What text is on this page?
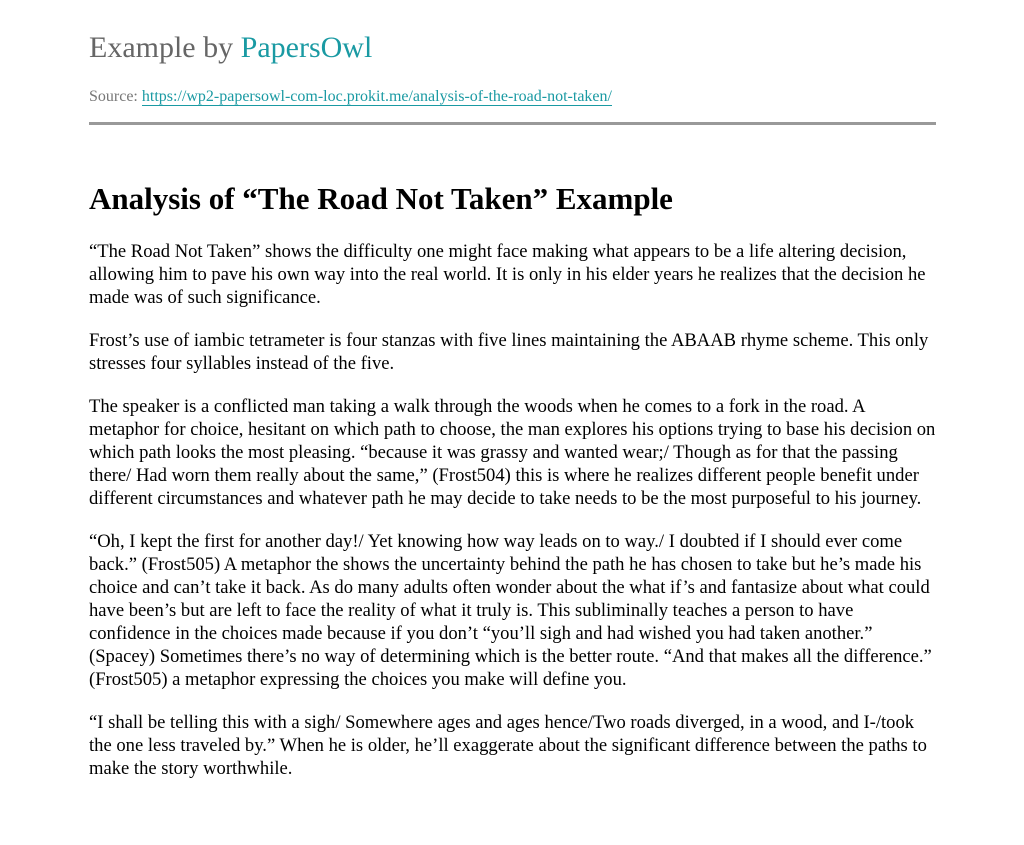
Example by PapersOwl
Source: https://wp2-papersowl-com-loc.prokit.me/analysis-of-the-road-not-taken/
Analysis of “The Road Not Taken” Example

“The Road Not Taken” shows the difficulty one might face making what appears to be a life altering decision, allowing him to pave his own way into the real world. It is only in his elder years he realizes that the decision he made was of such significance.

Frost’s use of iambic tetrameter is four stanzas with five lines maintaining the ABAAB rhyme scheme. This only stresses four syllables instead of the five.

The speaker is a conflicted man taking a walk through the woods when he comes to a fork in the road. A metaphor for choice, hesitant on which path to choose, the man explores his options trying to base his decision on which path looks the most pleasing. “because it was grassy and wanted wear;/ Though as for that the passing there/ Had worn them really about the same,” (Frost504) this is where he realizes different people benefit under different circumstances and whatever path he may decide to take needs to be the most purposeful to his journey.

“Oh, I kept the first for another day!/ Yet knowing how way leads on to way./ I doubted if I should ever come back.” (Frost505) A metaphor the shows the uncertainty behind the path he has chosen to take but he’s made his choice and can’t take it back. As do many adults often wonder about the what if’s and fantasize about what could have been’s but are left to face the reality of what it truly is. This subliminally teaches a person to have confidence in the choices made because if you don’t “you’ll sigh and had wished you had taken another.” (Spacey) Sometimes there’s no way of determining which is the better route. “And that makes all the difference.” (Frost505) a metaphor expressing the choices you make will define you.

“I shall be telling this with a sigh/ Somewhere ages and ages hence/Two roads diverged, in a wood, and I-/took the one less traveled by.” When he is older, he’ll exaggerate about the significant difference between the paths to make the story worthwhile.
